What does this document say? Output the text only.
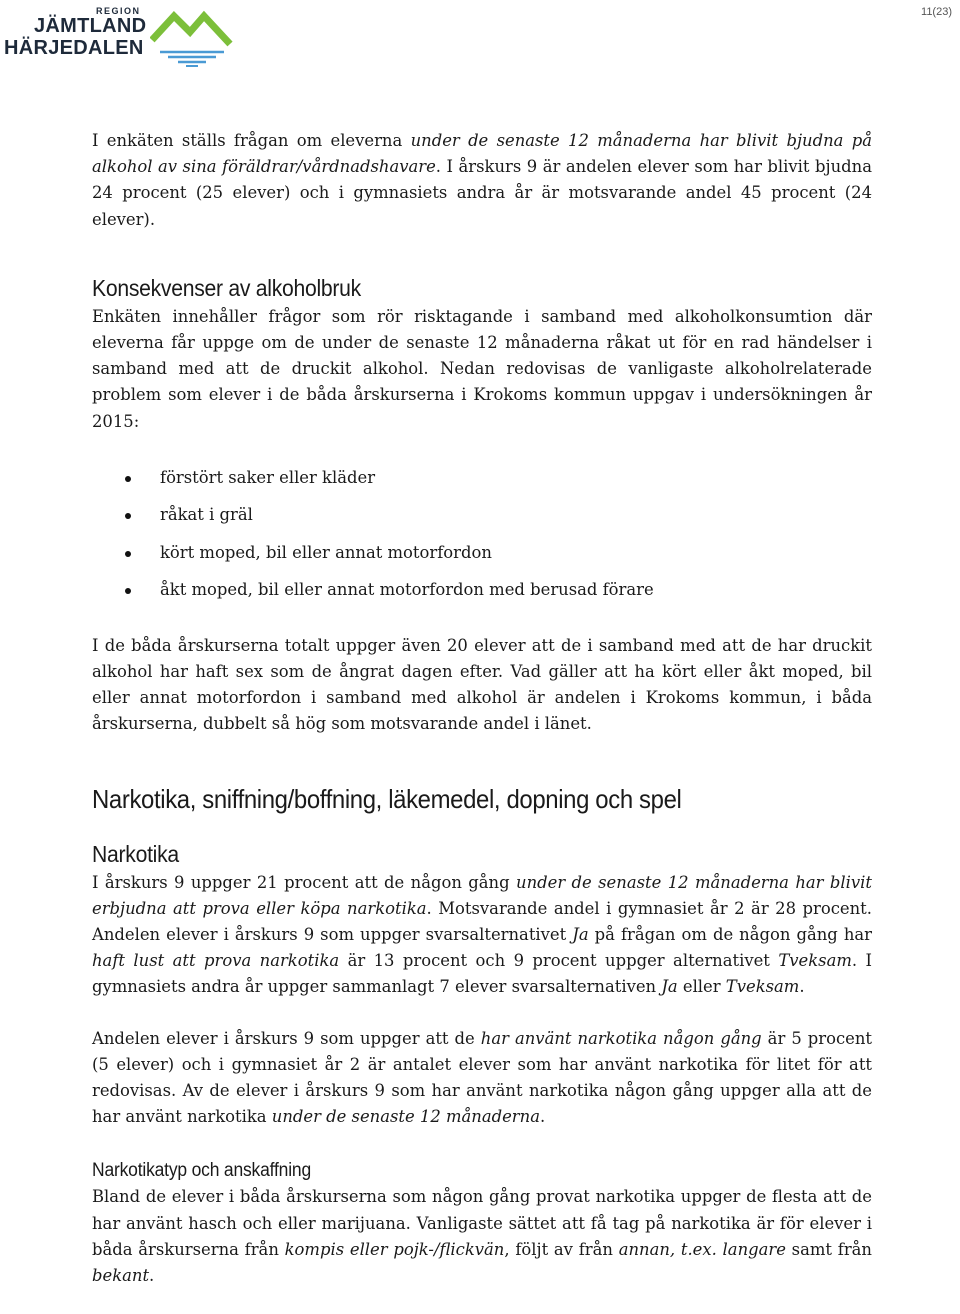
REGION
JÄMTLAND
HÄRJEDALEN
11(23)

I enkäten ställs frågan om eleverna under de senaste 12 månaderna har blivit bjudna på alkohol av sina föräldrar/vårdnadshavare. I årskurs 9 är andelen elever som har blivit bjudna 24 procent (25 elever) och i gymnasiets andra år är motsvarande andel 45 procent (24 elever).

Konsekvenser av alkoholbruk

Enkäten innehåller frågor som rör risktagande i samband med alkoholkonsumtion där eleverna får uppge om de under de senaste 12 månaderna råkat ut för en rad händelser i samband med att de druckit alkohol. Nedan redovisas de vanligaste alkoholrelaterade problem som elever i de båda årskurserna i Krokoms kommun uppgav i undersökningen år 2015:

förstört saker eller kläder
råkat i gräl
kört moped, bil eller annat motorfordon
åkt moped, bil eller annat motorfordon med berusad förare

I de båda årskurserna totalt uppger även 20 elever att de i samband med att de har druckit alkohol har haft sex som de ångrat dagen efter. Vad gäller att ha kört eller åkt moped, bil eller annat motorfordon i samband med alkohol är andelen i Krokoms kommun, i båda årskurserna, dubbelt så hög som motsvarande andel i länet.

Narkotika, sniffning/boffning, läkemedel, dopning och spel
Narkotika

I årskurs 9 uppger 21 procent att de någon gång under de senaste 12 månaderna har blivit erbjudna att prova eller köpa narkotika. Motsvarande andel i gymnasiet år 2 är 28 procent. Andelen elever i årskurs 9 som uppger svarsalternativet Ja på frågan om de någon gång har haft lust att prova narkotika är 13 procent och 9 procent uppger alternativet Tveksam. I gymnasiets andra år uppger sammanlagt 7 elever svarsalternativen Ja eller Tveksam.

Andelen elever i årskurs 9 som uppger att de har använt narkotika någon gång är 5 procent (5 elever) och i gymnasiet år 2 är antalet elever som har använt narkotika för litet för att redovisas. Av de elever i årskurs 9 som har använt narkotika någon gång uppger alla att de har använt narkotika under de senaste 12 månaderna.

Narkotikatyp och anskaffning

Bland de elever i båda årskurserna som någon gång provat narkotika uppger de flesta att de har använt hasch och eller marijuana. Vanligaste sättet att få tag på narkotika är för elever i båda årskurserna från kompis eller pojk-/flickvän, följt av från annan, t.ex. langare samt från bekant.
